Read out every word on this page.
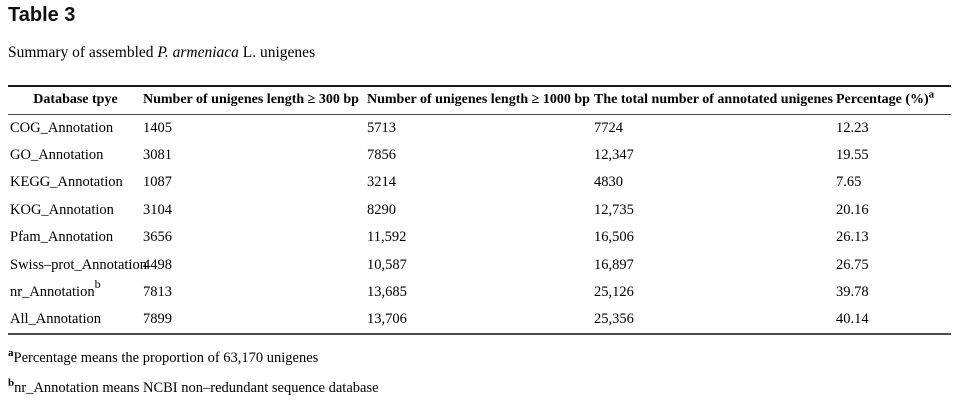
Table 3
Summary of assembled P. armeniaca L. unigenes
Database tpye	Number of unigenes length ≥ 300 bp	Number of unigenes length ≥ 1000 bp	The total number of annotated unigenes	Percentage (%)$^a$
COG_Annotation	1405	5713	7724	12.23
GO_Annotation	3081	7856	12,347	19.55
KEGG_Annotation	1087	3214	4830	7.65
KOG_Annotation	3104	8290	12,735	20.16
Pfam_Annotation	3656	11,592	16,506	26.13
Swiss–prot_Annotation	4498	10,587	16,897	26.75
nr_Annotation$^b$	7813	13,685	25,126	39.78
All_Annotation	7899	13,706	25,356	40.14

$^a$Percentage means the proportion of 63,170 unigenes

$^b$nr_Annotation means NCBI non–redundant sequence database
